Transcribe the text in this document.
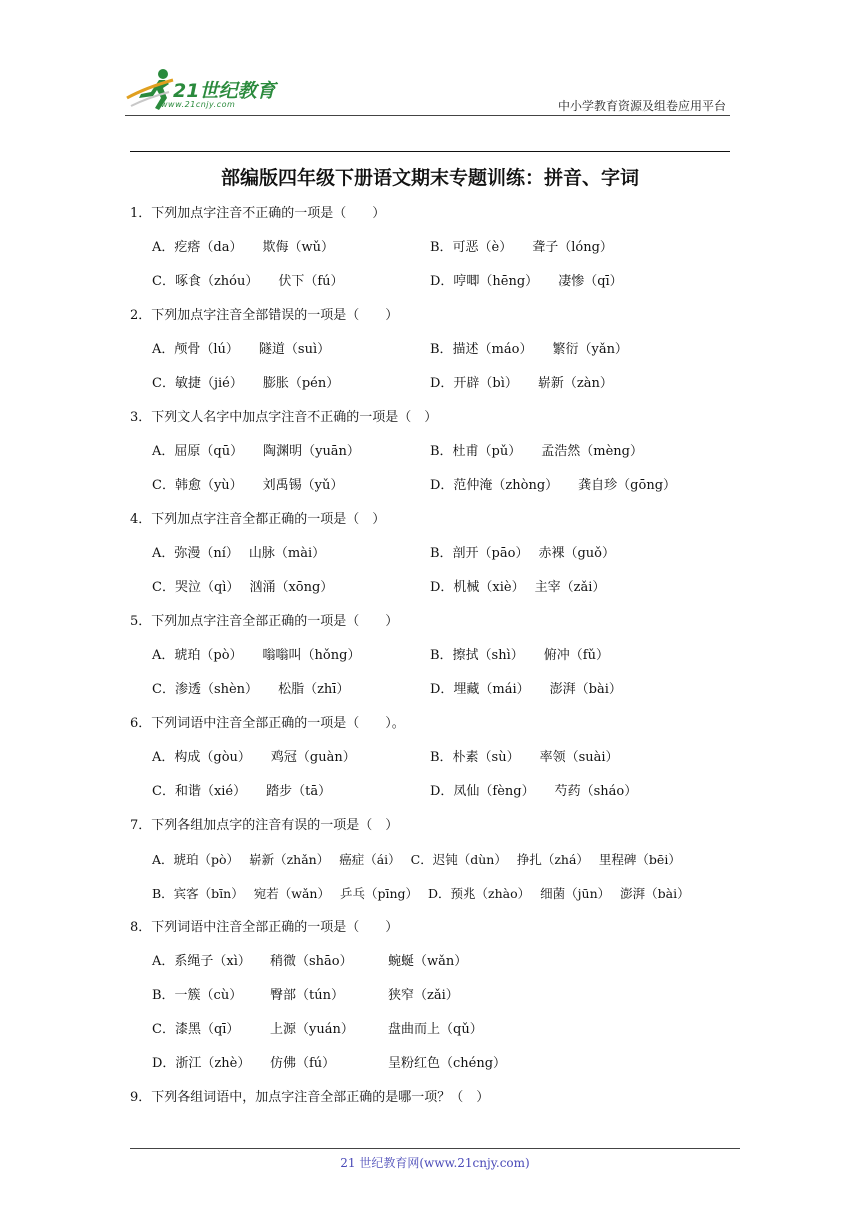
21世纪教育
www.21cnjy.com	中小学教育资源及组卷应用平台
部编版四年级下册语文期末专题训练：拼音、字词
1．下列加点字注音不正确的一项是（　　）
A．疙瘩（da） 欺侮（wǔ）	B．可恶（è） 聋子（lóng）
C．啄食（zhóu） 伏下（fú）	D．哼唧（hēng） 凄惨（qī）
2．下列加点字注音全部错误的一项是（　　）
A．颅骨（lú） 隧道（suì）	B．描述（máo） 繁衍（yǎn）
C．敏捷（jié） 膨胀（pén）	D．开辟（bì） 崭新（zàn）
3．下列文人名字中加点字注音不正确的一项是（　）
A．屈原（qū） 陶渊明（yuān）	B．杜甫（pǔ） 孟浩然（mèng）
C．韩愈（yù） 刘禹锡（yǔ）	D．范仲淹（zhòng） 龚自珍（gōng）
4．下列加点字注音全都正确的一项是（　）
A．弥漫（ní） 山脉（mài）	B．剖开（pāo） 赤裸（guǒ）
C．哭泣（qì） 汹涌（xōng）	D．机械（xiè） 主宰（zǎi）
5．下列加点字注音全部正确的一项是（　　）
A．琥珀（pò） 嗡嗡叫（hǒng）	B．擦拭（shì） 俯冲（fǔ）
C．渗透（shèn） 松脂（zhī）	D．埋藏（mái） 澎湃（bài）
6．下列词语中注音全部正确的一项是（　　）。
A．构成（gòu） 鸡冠（guàn）	B．朴素（sù） 率领（suài）
C．和谐（xié） 踏步（tā）	D．凤仙（fèng） 芍药（sháo）
7．下列各组加点字的注音有误的一项是（　）
A．琥珀（pò） 崭新（zhǎn） 癌症（ái） C．迟钝（dùn） 挣扎（zhá） 里程碑（bēi）
B．宾客（bīn） 宛若（wǎn） 乒乓（pīng） D．预兆（zhào） 细菌（jūn） 澎湃（bài）
8．下列词语中注音全部正确的一项是（　　）
A．系绳子（xì） 稍微（shāo）	蜿蜒（wǎn）
B．一簇（cù） 臀部（tún）	狭窄（zǎi）
C．漆黑（qī） 上源（yuán）	盘曲而上（qǔ）
D．浙江（zhè） 仿佛（fú）	呈粉红色（chéng）
9．下列各组词语中，加点字注音全部正确的是哪一项？（　）
21 世纪教育网(www.21cnjy.com)
